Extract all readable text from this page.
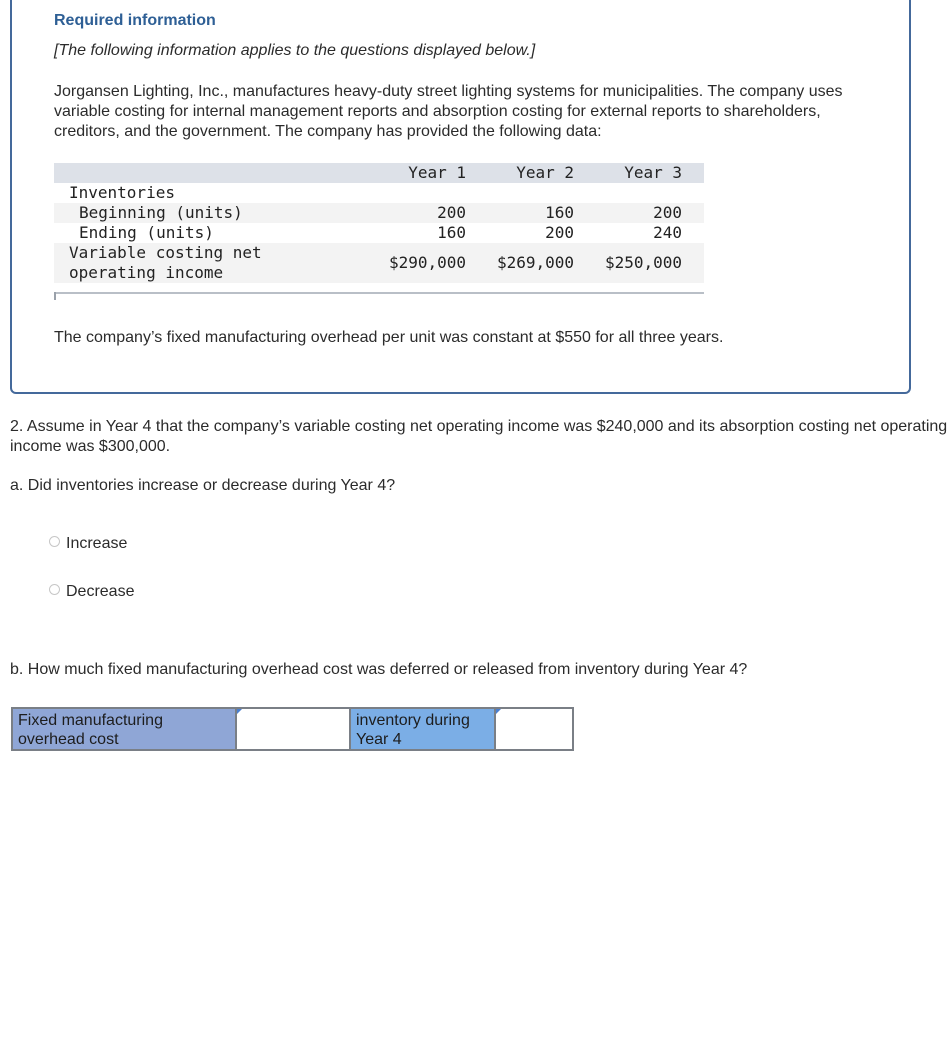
Required information
[The following information applies to the questions displayed below.]
Jorgansen Lighting, Inc., manufactures heavy-duty street lighting systems for municipalities. The company uses variable costing for internal management reports and absorption costing for external reports to shareholders, creditors, and the government. The company has provided the following data:
Year 1	Year 2	Year 3
Inventories
Beginning (units)	200	160	200
Ending (units)	160	200	240
Variable costing net
operating income
$290,000 $269,000 $250,000
The company’s fixed manufacturing overhead per unit was constant at $550 for all three years.
2. Assume in Year 4 that the company’s variable costing net operating income was $240,000 and its absorption costing net operating income was $300,000.
a. Did inventories increase or decrease during Year 4?
Increase
Decrease
b. How much fixed manufacturing overhead cost was deferred or released from inventory during Year 4?
Fixed manufacturing overhead cost
inventory during Year 4
